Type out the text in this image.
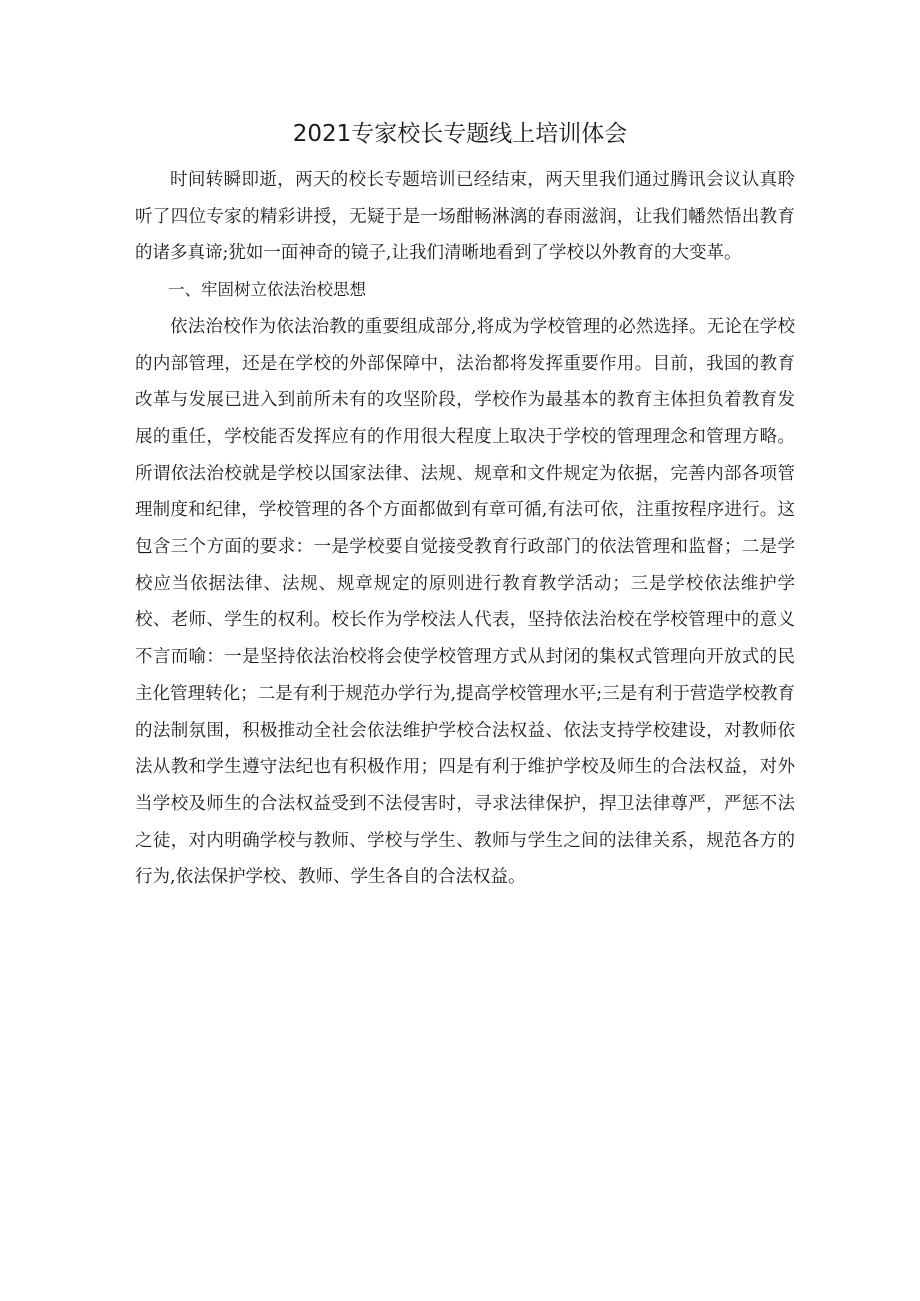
2021专家校长专题线上培训体会

时间转瞬即逝，两天的校长专题培训已经结束，两天里我们通过腾讯会议认真聆听了四位专家的精彩讲授，无疑于是一场酣畅淋漓的春雨滋润，让我们幡然悟出教育的诸多真谛;犹如一面神奇的镜子,让我们清晰地看到了学校以外教育的大变革。

一、牢固树立依法治校思想

依法治校作为依法治教的重要组成部分,将成为学校管理的必然选择。无论在学校的内部管理，还是在学校的外部保障中，法治都将发挥重要作用。目前，我国的教育改革与发展已进入到前所未有的攻坚阶段，学校作为最基本的教育主体担负着教育发展的重任，学校能否发挥应有的作用很大程度上取决于学校的管理理念和管理方略。所谓依法治校就是学校以国家法律、法规、规章和文件规定为依据，完善内部各项管理制度和纪律，学校管理的各个方面都做到有章可循,有法可依，注重按程序进行。这包含三个方面的要求：一是学校要自觉接受教育行政部门的依法管理和监督；二是学校应当依据法律、法规、规章规定的原则进行教育教学活动；三是学校依法维护学校、老师、学生的权利。校长作为学校法人代表，坚持依法治校在学校管理中的意义不言而喻：一是坚持依法治校将会使学校管理方式从封闭的集权式管理向开放式的民主化管理转化；二是有利于规范办学行为,提高学校管理水平;三是有利于营造学校教育的法制氛围，积极推动全社会依法维护学校合法权益、依法支持学校建设，对教师依法从教和学生遵守法纪也有积极作用；四是有利于维护学校及师生的合法权益，对外当学校及师生的合法权益受到不法侵害时，寻求法律保护，捍卫法律尊严，严惩不法之徒，对内明确学校与教师、学校与学生、教师与学生之间的法律关系，规范各方的行为,依法保护学校、教师、学生各自的合法权益。
